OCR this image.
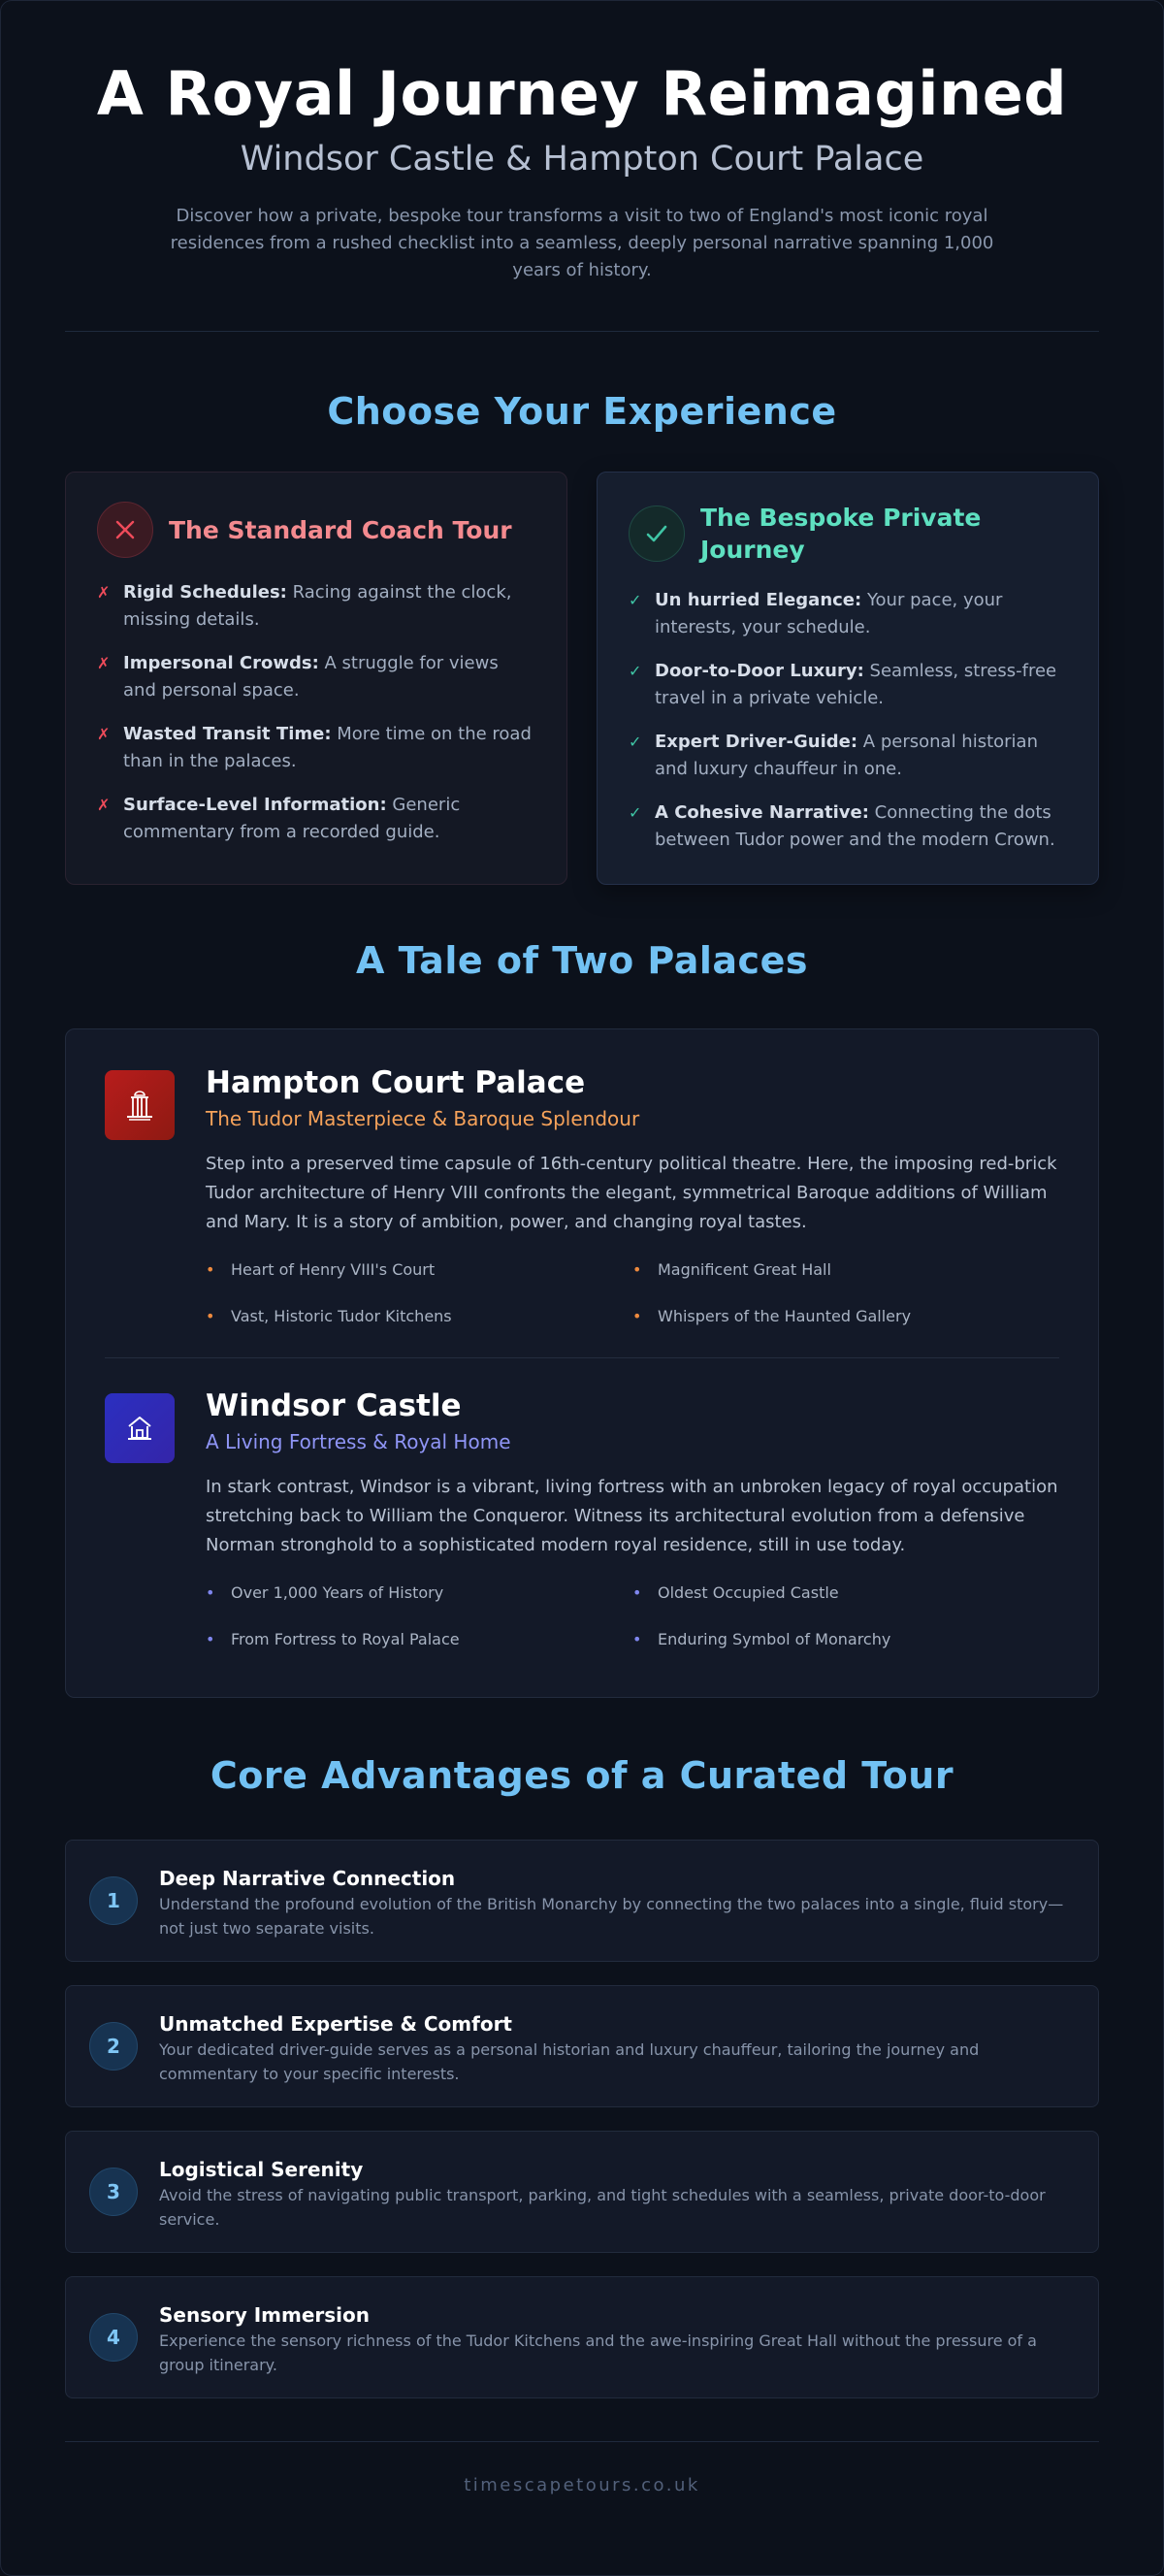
A Royal Journey Reimagined
Windsor Castle & Hampton Court Palace

Discover how a private, bespoke tour transforms a visit to two of England's most iconic royal residences from a rushed checklist into a seamless, deeply personal narrative spanning 1,000 years of history.

Choose Your Experience
The Standard Coach Tour
✗ Rigid Schedules: Racing against the clock, missing details.
✗ Impersonal Crowds: A struggle for views and personal space.
✗ Wasted Transit Time: More time on the road than in the palaces.
✗ Surface-Level Information: Generic commentary from a recorded guide.
The Bespoke Private Journey
✓ Un hurried Elegance: Your pace, your interests, your schedule.
✓ Door-to-Door Luxury: Seamless, stress-free travel in a private vehicle.
✓ Expert Driver-Guide: A personal historian and luxury chauffeur in one.
✓ A Cohesive Narrative: Connecting the dots between Tudor power and the modern Crown.
A Tale of Two Palaces
Hampton Court Palace
The Tudor Masterpiece & Baroque Splendour

Step into a preserved time capsule of 16th-century political theatre. Here, the imposing red-brick Tudor architecture of Henry VIII confronts the elegant, symmetrical Baroque additions of William and Mary. It is a story of ambition, power, and changing royal tastes.

•	Heart of Henry VIII's Court	•	Magnificent Great Hall
•	Vast, Historic Tudor Kitchens	•	Whispers of the Haunted Gallery
Windsor Castle
A Living Fortress & Royal Home

In stark contrast, Windsor is a vibrant, living fortress with an unbroken legacy of royal occupation stretching back to William the Conqueror. Witness its architectural evolution from a defensive Norman stronghold to a sophisticated modern royal residence, still in use today.

•	Over 1,000 Years of History	•	Oldest Occupied Castle
•	From Fortress to Royal Palace	•	Enduring Symbol of Monarchy
Core Advantages of a Curated Tour
1
Deep Narrative Connection
Understand the profound evolution of the British Monarchy by connecting the two palaces into a single, fluid story—not just two separate visits.
2
Unmatched Expertise & Comfort
Your dedicated driver-guide serves as a personal historian and luxury chauffeur, tailoring the journey and commentary to your specific interests.
3
Logistical Serenity
Avoid the stress of navigating public transport, parking, and tight schedules with a seamless, private door-to-door service.
4
Sensory Immersion
Experience the sensory richness of the Tudor Kitchens and the awe-inspiring Great Hall without the pressure of a group itinerary.
timescapetours.co.uk
